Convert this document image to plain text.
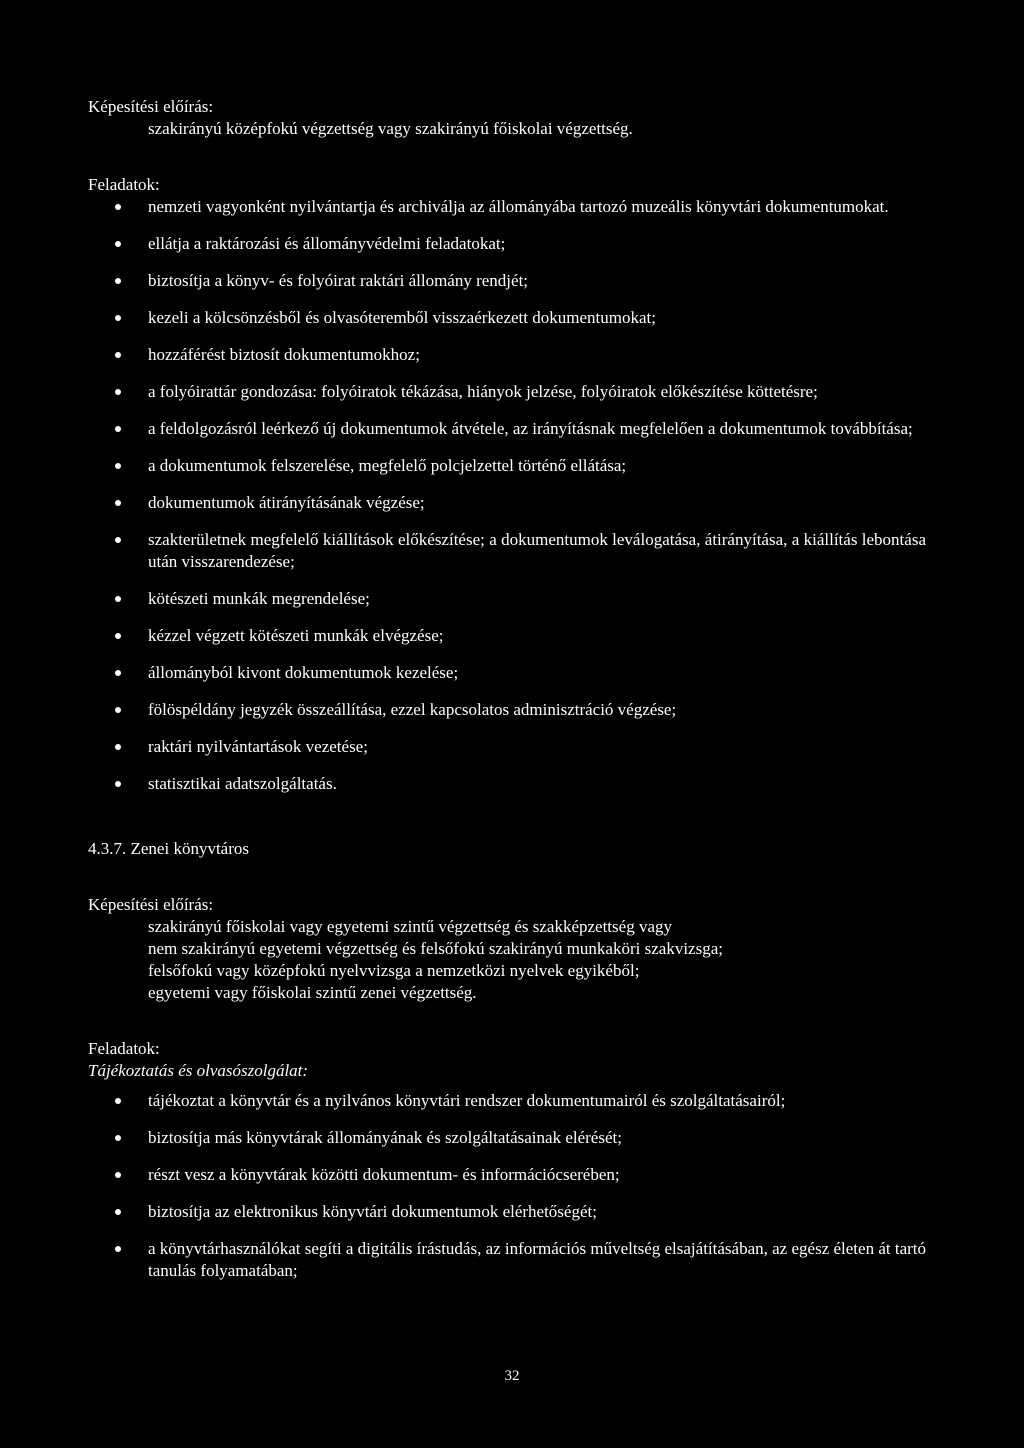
Képesítési előírás:
szakirányú középfokú végzettség vagy szakirányú főiskolai végzettség.
Feladatok:
nemzeti vagyonként nyilvántartja és archiválja az állományába tartozó muzeális könyvtári dokumentumokat.
ellátja a raktározási és állományvédelmi feladatokat;
biztosítja a könyv- és folyóirat raktári állomány rendjét;
kezeli a kölcsönzésből és olvasóteremből visszaérkezett dokumentumokat;
hozzáférést biztosít dokumentumokhoz;
a folyóirattár gondozása: folyóiratok tékázása, hiányok jelzése, folyóiratok előkészítése köttetésre;
a feldolgozásról leérkező új dokumentumok átvétele, az irányításnak megfelelően a dokumentumok továbbítása;
a dokumentumok felszerelése, megfelelő polcjelzettel történő ellátása;
dokumentumok átirányításának végzése;
szakterületnek megfelelő kiállítások előkészítése; a dokumentumok leválogatása, átirányítása, a kiállítás lebontása után visszarendezése;
kötészeti munkák megrendelése;
kézzel végzett kötészeti munkák elvégzése;
állományból kivont dokumentumok kezelése;
fölöspéldány jegyzék összeállítása, ezzel kapcsolatos adminisztráció végzése;
raktári nyilvántartások vezetése;
statisztikai adatszolgáltatás.
4.3.7. Zenei könyvtáros
Képesítési előírás:
szakirányú főiskolai vagy egyetemi szintű végzettség és szakképzettség vagy
nem szakirányú egyetemi végzettség és felsőfokú szakirányú munkaköri szakvizsga;
felsőfokú vagy középfokú nyelvvizsga a nemzetközi nyelvek egyikéből;
egyetemi vagy főiskolai szintű zenei végzettség.
Feladatok:
Tájékoztatás és olvasószolgálat:
tájékoztat a könyvtár és a nyilvános könyvtári rendszer dokumentumairól és szolgáltatásairól;
biztosítja más könyvtárak állományának és szolgáltatásainak elérését;
részt vesz a könyvtárak közötti dokumentum- és információcserében;
biztosítja az elektronikus könyvtári dokumentumok elérhetőségét;
a könyvtárhasználókat segíti a digitális írástudás, az információs műveltség elsajátításában, az egész életen át tartó tanulás folyamatában;
32
